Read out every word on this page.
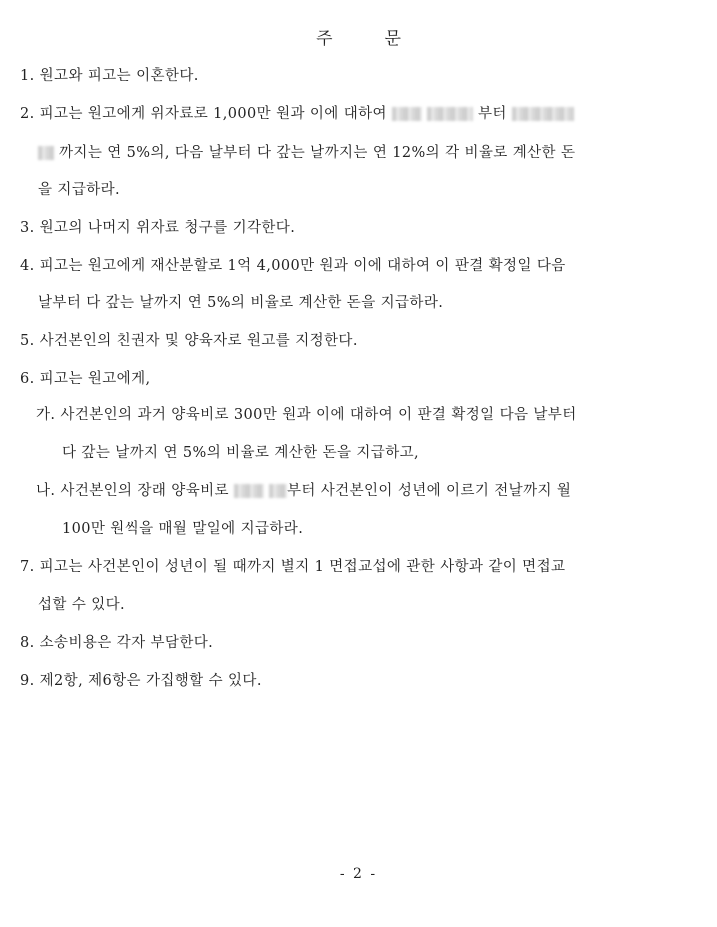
주	문
1. 원고와 피고는 이혼한다.
2. 피고는 원고에게 위자료로 1,000만 원과 이에 대하여	부터
까지는 연 5%의, 다음 날부터 다 갚는 날까지는 연 12%의 각 비율로 계산한 돈
을 지급하라.
3. 원고의 나머지 위자료 청구를 기각한다.
4. 피고는 원고에게 재산분할로 1억 4,000만 원과 이에 대하여 이 판결 확정일 다음
날부터 다 갚는 날까지 연 5%의 비율로 계산한 돈을 지급하라.
5. 사건본인의 친권자 및 양육자로 원고를 지정한다.
6. 피고는 원고에게,
가. 사건본인의 과거 양육비로 300만 원과 이에 대하여 이 판결 확정일 다음 날부터
다 갚는 날까지 연 5%의 비율로 계산한 돈을 지급하고,
나. 사건본인의 장래 양육비로	부터 사건본인이 성년에 이르기 전날까지 월
100만 원씩을 매월 말일에 지급하라.
7. 피고는 사건본인이 성년이 될 때까지 별지 1 면접교섭에 관한 사항과 같이 면접교
섭할 수 있다.
8. 소송비용은 각자 부담한다.
9. 제2항, 제6항은 가집행할 수 있다.
- 2 -
